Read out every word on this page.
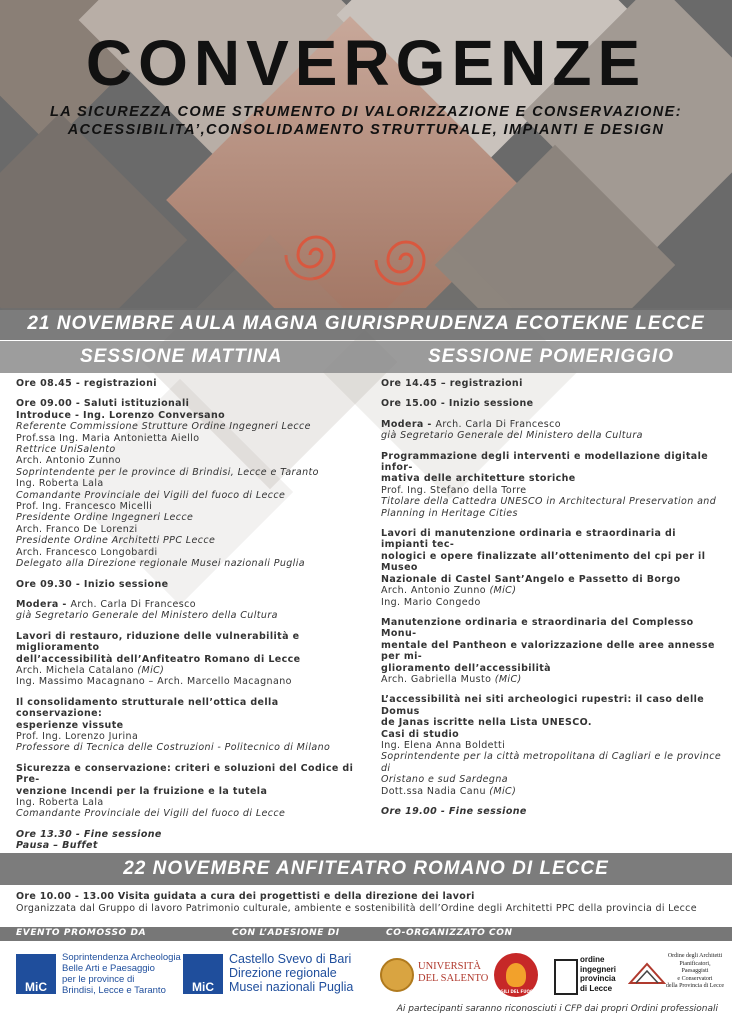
CONVERGENZE
LA SICUREZZA COME STRUMENTO DI VALORIZZAZIONE E CONSERVAZIONE:
ACCESSIBILITA’,CONSOLIDAMENTO STRUTTURALE, IMPIANTI E DESIGN
21 NOVEMBRE AULA MAGNA GIURISPRUDENZA ECOTEKNE LECCE
SESSIONE MATTINA	SESSIONE POMERIGGIO

Ore 08.45 - registrazioni

Ore 09.00 - Saluti istituzionali

Introduce - Ing. Lorenzo Conversano

Referente Commissione Strutture Ordine Ingegneri Lecce

Prof.ssa Ing. Maria Antonietta Aiello

Rettrice UniSalento

Arch. Antonio Zunno

Soprintendente per le province di Brindisi, Lecce e Taranto

Ing. Roberta Lala

Comandante Provinciale dei Vigili del fuoco di Lecce

Prof. Ing. Francesco Micelli

Presidente Ordine Ingegneri Lecce

Arch. Franco De Lorenzi

Presidente Ordine Architetti PPC Lecce

Arch. Francesco Longobardi

Delegato alla Direzione regionale Musei nazionali Puglia

Ore 09.30 - Inizio sessione

Modera - Arch. Carla Di Francesco

già Segretario Generale del Ministero della Cultura

Lavori di restauro, riduzione delle vulnerabilità e miglioramento

dell’accessibilità dell’Anfiteatro Romano di Lecce

Arch. Michela Catalano (MiC)

Ing. Massimo Macagnano – Arch. Marcello Macagnano

Il consolidamento strutturale nell’ottica della conservazione:

esperienze vissute

Prof. Ing. Lorenzo Jurina

Professore di Tecnica delle Costruzioni - Politecnico di Milano

Sicurezza e conservazione: criteri e soluzioni del Codice di Pre-

venzione Incendi per la fruizione e la tutela

Ing. Roberta Lala

Comandante Provinciale dei Vigili del fuoco di Lecce

Ore 13.30 - Fine sessione

Pausa – Buffet

Ore 14.45 – registrazioni

Ore 15.00 - Inizio sessione

Modera - Arch. Carla Di Francesco

già Segretario Generale del Ministero della Cultura

Programmazione degli interventi e modellazione digitale infor-

mativa delle architetture storiche

Prof. Ing. Stefano della Torre

Titolare della Cattedra UNESCO in Architectural Preservation and

Planning in Heritage Cities

Lavori di manutenzione ordinaria e straordinaria di impianti tec-

nologici e opere finalizzate all’ottenimento del cpi per il Museo

Nazionale di Castel Sant’Angelo e Passetto di Borgo

Arch. Antonio Zunno (MiC)

Ing. Mario Congedo

Manutenzione ordinaria e straordinaria del Complesso Monu-

mentale del Pantheon e valorizzazione delle aree annesse per mi-

glioramento dell’accessibilità

Arch. Gabriella Musto (MiC)

L’accessibilità nei siti archeologici rupestri: il caso delle Domus

de Janas iscritte nella Lista UNESCO.

Casi di studio

Ing. Elena Anna Boldetti

Soprintendente per la città metropolitana di Cagliari e le province di

Oristano e sud Sardegna

Dott.ssa Nadia Canu (MiC)

Ore 19.00 - Fine sessione

22 NOVEMBRE ANFITEATRO ROMANO DI LECCE
Ore 10.00 - 13.00 Visita guidata a cura dei progettisti e della direzione dei lavori
Organizzata dal Gruppo di lavoro Patrimonio culturale, ambiente e sostenibilità dell’Ordine degli Architetti PPC della provincia di Lecce
EVENTO PROMOSSO DA	CON L’ADESIONE DI	CO-ORGANIZZATO CON
MiC
Soprintendenza Archeologia
Belle Arti e Paesaggio
per le province di
Brindisi, Lecce e Taranto	MiC
Castello Svevo di Bari
Direzione regionale
Musei nazionali Puglia
UNIVERSITÀ
DEL SALENTO
VIGILI DEL FUOCO
ordine
ingegneri
provincia
di Lecce
Ordine degli Architetti
Pianificatori,
Paesaggisti
e Conservatori
della Provincia di Lecce
Ai partecipanti saranno riconosciuti i CFP dai propri Ordini professionali
